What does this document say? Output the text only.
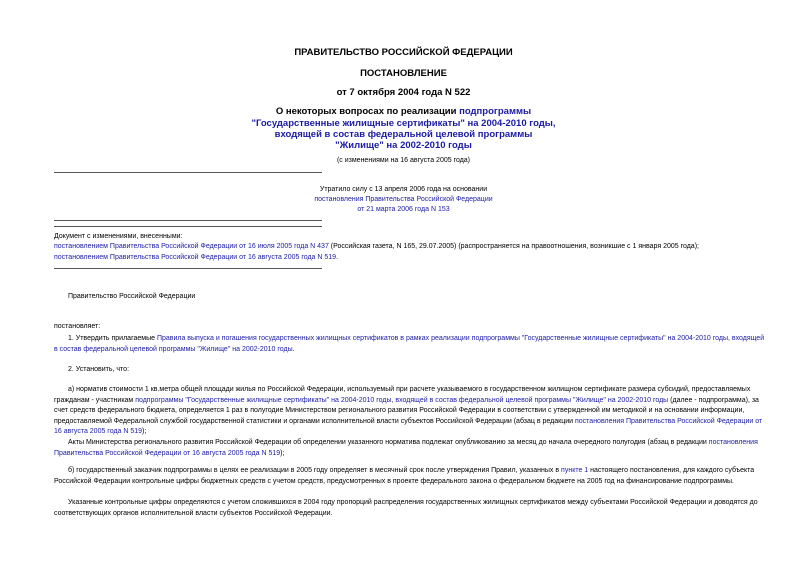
ПРАВИТЕЛЬСТВО РОССИЙСКОЙ ФЕДЕРАЦИИ
ПОСТАНОВЛЕНИЕ
от 7 октября 2004 года N 522
О некоторых вопросах по реализации подпрограммы
"Государственные жилищные сертификаты" на 2004-2010 годы,
входящей в состав федеральной целевой программы
"Жилище" на 2002-2010 годы
(с изменениями на 16 августа 2005 года)
Утратило силу с 13 апреля 2006 года на основании
постановления Правительства Российской Федерации
от 21 марта 2006 года N 153
Документ с изменениями, внесенными:
постановлением Правительства Российской Федерации от 16 июля 2005 года N 437 (Российская газета, N 165, 29.07.2005) (распространяется на правоотношения, возникшие с 1 января 2005 года);
постановлением Правительства Российской Федерации от 16 августа 2005 года N 519.
Правительство Российской Федерации
постановляет:
1. Утвердить прилагаемые Правила выпуска и погашения государственных жилищных сертификатов в рамках реализации подпрограммы "Государственные жилищные сертификаты" на 2004-2010 годы, входящей в состав федеральной целевой программы "Жилище" на 2002-2010 годы.
2. Установить, что:
а) норматив стоимости 1 кв.метра общей площади жилья по Российской Федерации, используемый при расчете указываемого в государственном жилищном сертификате размера субсидий, предоставляемых гражданам - участникам подпрограммы "Государственные жилищные сертификаты" на 2004-2010 годы, входящей в состав федеральной целевой программы "Жилище" на 2002-2010 годы (далее - подпрограмма), за счет средств федерального бюджета, определяется 1 раз в полугодие Министерством регионального развития Российской Федерации в соответствии с утвержденной им методикой и на основании информации, предоставляемой Федеральной службой государственной статистики и органами исполнительной власти субъектов Российской Федерации (абзац в редакции постановления Правительства Российской Федерации от 16 августа 2005 года N 519);
Акты Министерства регионального развития Российской Федерации об определении указанного норматива подлежат опубликованию за месяц до начала очередного полугодия (абзац в редакции постановления Правительства Российской Федерации от 16 августа 2005 года N 519);
б) государственный заказчик подпрограммы в целях ее реализации в 2005 году определяет в месячный срок после утверждения Правил, указанных в пункте 1 настоящего постановления, для каждого субъекта Российской Федерации контрольные цифры бюджетных средств с учетом средств, предусмотренных в проекте федерального закона о федеральном бюджете на 2005 год на финансирование подпрограммы.
Указанные контрольные цифры определяются с учетом сложившихся в 2004 году пропорций распределения государственных жилищных сертификатов между субъектами Российской Федерации и доводятся до соответствующих органов исполнительной власти субъектов Российской Федерации.
